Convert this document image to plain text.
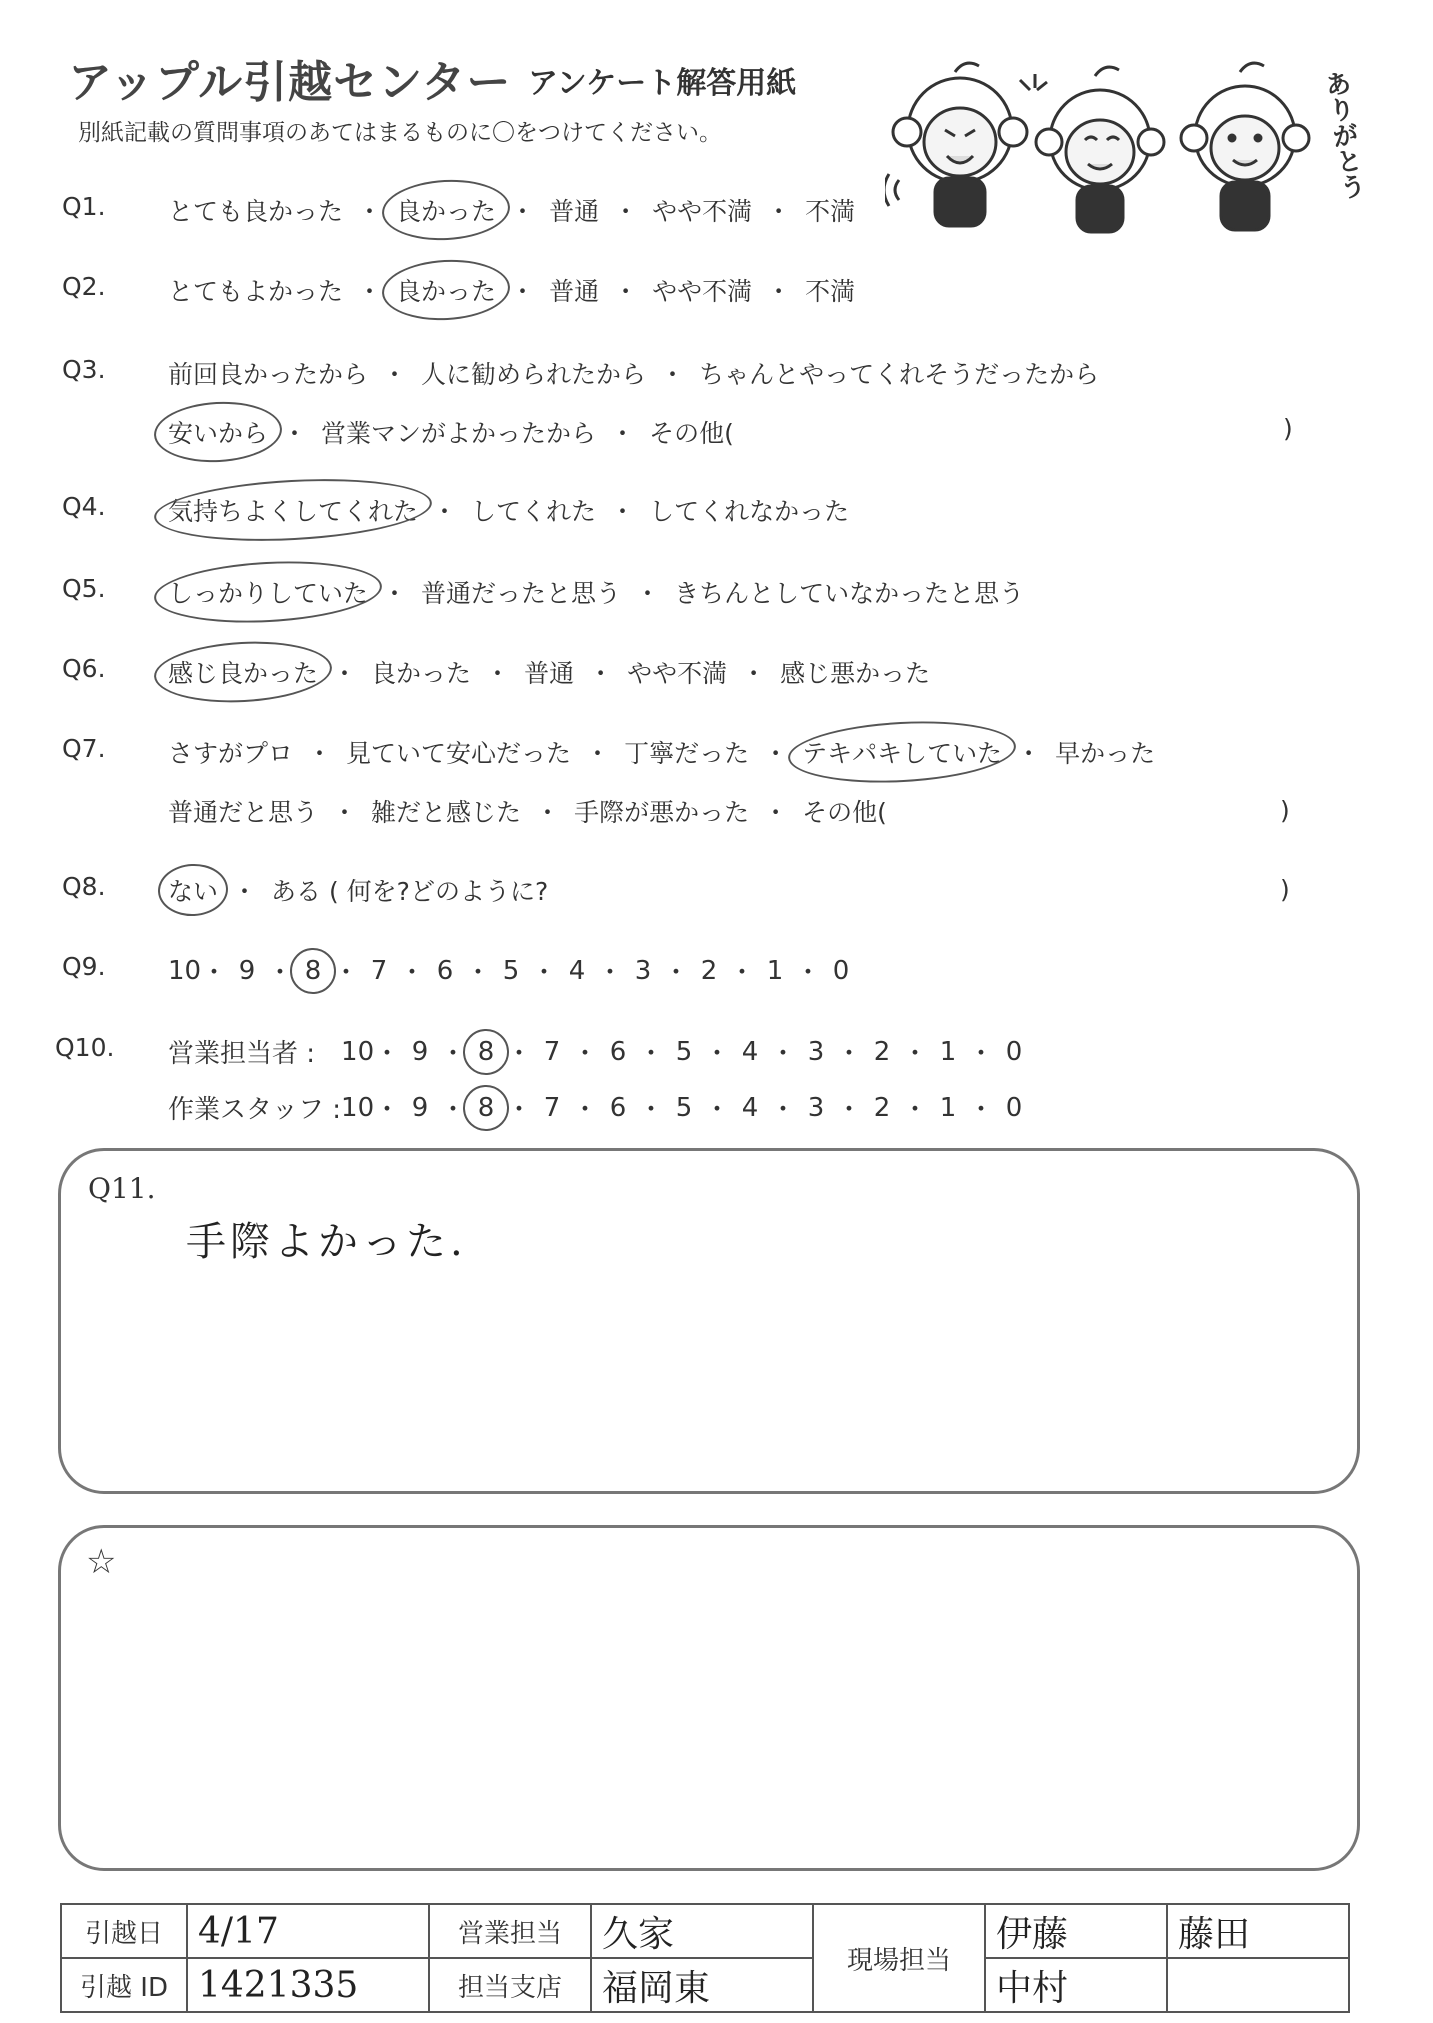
アップル引越センター アンケート解答用紙
別紙記載の質問事項のあてはまるものに〇をつけてください。	ありがとう
Q1. とても良かった ・ 良かった ・ 普通 ・ やや不満 ・ 不満
Q2. とてもよかった ・ 良かった ・ 普通 ・ やや不満 ・ 不満
Q3. 前回良かったから ・ 人に勧められたから ・ ちゃんとやってくれそうだったから
安いから ・ 営業マンがよかったから ・ その他(	)
Q4. 気持ちよくしてくれた ・ してくれた ・ してくれなかった
Q5. しっかりしていた ・ 普通だったと思う ・ きちんとしていなかったと思う
Q6. 感じ良かった ・ 良かった ・ 普通 ・ やや不満 ・ 感じ悪かった
Q7. さすがプロ ・ 見ていて安心だった ・ 丁寧だった ・ テキパキしていた ・ 早かった
普通だと思う ・ 雑だと感じた ・ 手際が悪かった ・ その他(	)
Q8. ない ・ ある ( 何を?どのように?	)
Q9. 10 ・ 9 ・ 8 ・ 7 ・ 6 ・ 5 ・ 4 ・ 3 ・ 2 ・ 1 ・ 0
Q10. 営業担当者 : 10 ・ 9 ・ 8 ・ 7 ・ 6 ・ 5 ・ 4 ・ 3 ・ 2 ・ 1 ・ 0
作業スタッフ : 10 ・ 9 ・ 8 ・ 7 ・ 6 ・ 5 ・ 4 ・ 3 ・ 2 ・ 1 ・ 0
Q11.
手際よかった.
☆
引越日	4/17	営業担当	久家	現場担当	伊藤	藤田
引越 ID	1421335	担当支店	福岡東		中村	
